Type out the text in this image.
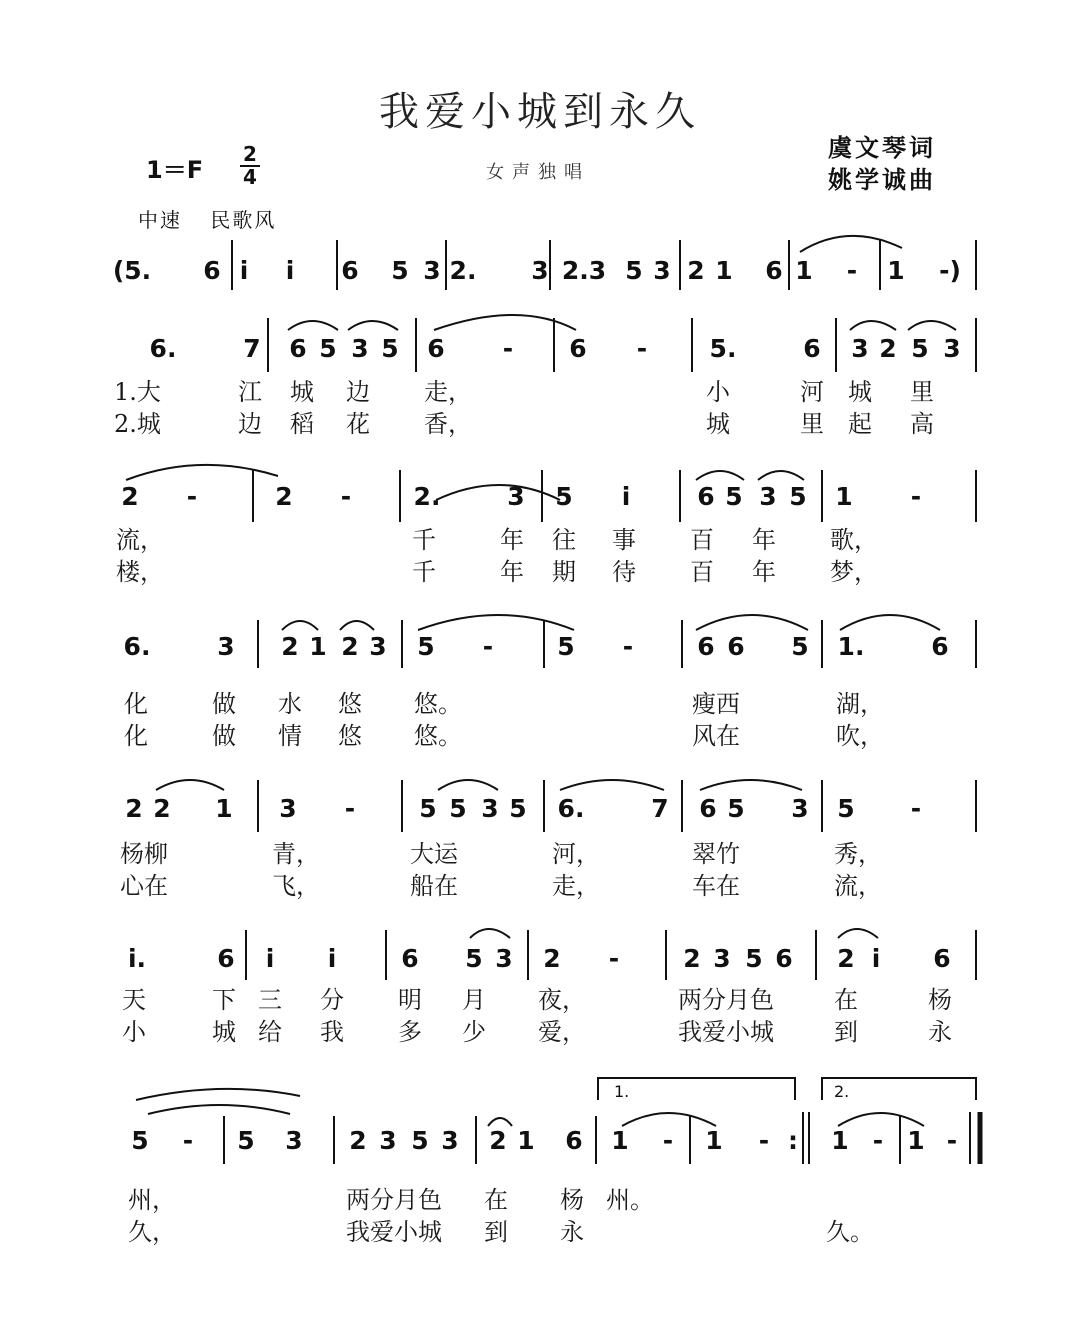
我爱小城到永久
1＝F
2
4	女声独唱
虞文琴词
姚学诚曲
中速 民歌风
(5. 6 i	i	6 5 3 2. 3 2.3 5 3 2 1 6 1 - 1	-)
6.	7 6 5 3 5 6 - 6 - 5.	6 3 2 5 3
1.大	江 城 边 走，	小	河 城 里
2.城	边 稻 花 香，	城	里 起 高
2 -	2 - 2.	3 5	i	6 5 3 5 1 -
流，	千	年 往 事 百 年 歌，
楼，	千	年 期 待 百 年 梦，
6.	3 2 1 2 3 5 -	5 -	6 6 5 1.	6
化	做 水 悠 悠。	瘦西	湖，
化	做 情 悠 悠。	风在	吹，
2 2 1 3 -	5 5 3 5 6.	7 6 5 3 5 -
杨柳	青，	大运	河，	翠竹	秀，
心在	飞，	船在	走，	车在	流，
i.	6	i	i	6 5 3 2 -	2 3 5 6 2 i	6
天	下 三 分 明 月 夜，	两分月色	在	杨
小	城 给 我 多 少 爱，	我爱小城	到	永
1.	2.
5 - 5 3 2 3 5 3 2 1 6 1 - 1 - : 1 - 1 -
州，	两分月色 在 杨 州。
久，	我爱小城 到 永	久。
